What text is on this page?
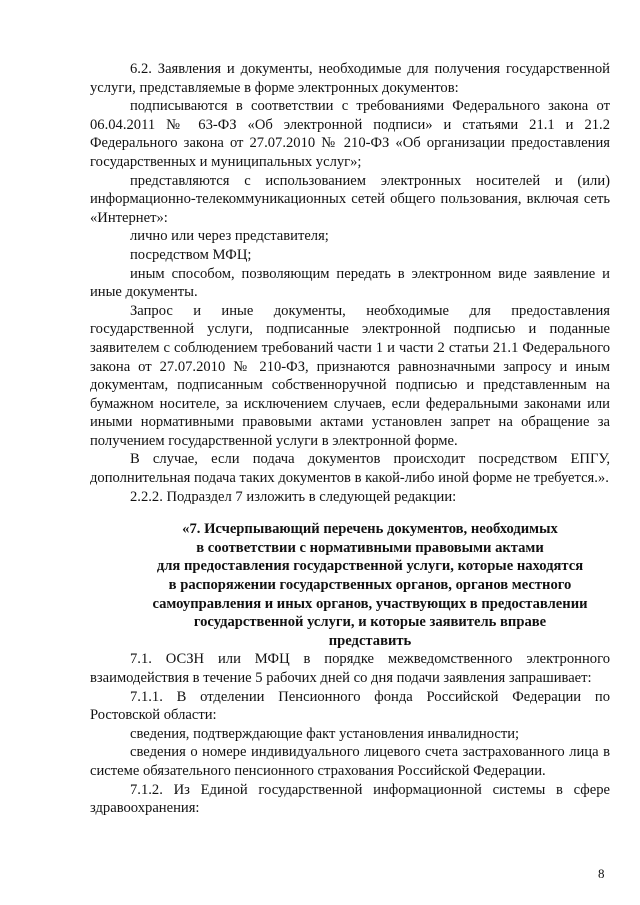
6.2. Заявления и документы, необходимые для получения государственной услуги, представляемые в форме электронных документов:

подписываются в соответствии с требованиями Федерального закона от 06.04.2011 № 63-ФЗ «Об электронной подписи» и статьями 21.1 и 21.2 Федерального закона от 27.07.2010 № 210-ФЗ «Об организации предоставления государственных и муниципальных услуг»;

представляются с использованием электронных носителей и (или) информационно-телекоммуникационных сетей общего пользования, включая сеть «Интернет»:

лично или через представителя;

посредством МФЦ;

иным способом, позволяющим передать в электронном виде заявление и иные документы.

Запрос и иные документы, необходимые для предоставления государственной услуги, подписанные электронной подписью и поданные заявителем с соблюдением требований части 1 и части 2 статьи 21.1 Федерального закона от 27.07.2010 № 210-ФЗ, признаются равнозначными запросу и иным документам, подписанным собственноручной подписью и представленным на бумажном носителе, за исключением случаев, если федеральными законами или иными нормативными правовыми актами установлен запрет на обращение за получением государственной услуги в электронной форме.

В случае, если подача документов происходит посредством ЕПГУ, дополнительная подача таких документов в какой-либо иной форме не требуется.».

2.2.2. Подраздел 7 изложить в следующей редакции:

«7. Исчерпывающий перечень документов, необходимых
в соответствии с нормативными правовыми актами
для предоставления государственной услуги, которые находятся
в распоряжении государственных органов, органов местного
самоуправления и иных органов, участвующих в предоставлении
государственной услуги, и которые заявитель вправе
представить

7.1. ОСЗН или МФЦ в порядке межведомственного электронного взаимодействия в течение 5 рабочих дней со дня подачи заявления запрашивает:

7.1.1. В отделении Пенсионного фонда Российской Федерации по Ростовской области:

сведения, подтверждающие факт установления инвалидности;

сведения о номере индивидуального лицевого счета застрахованного лица в системе обязательного пенсионного страхования Российской Федерации.

7.1.2. Из Единой государственной информационной системы в сфере здравоохранения:

8
